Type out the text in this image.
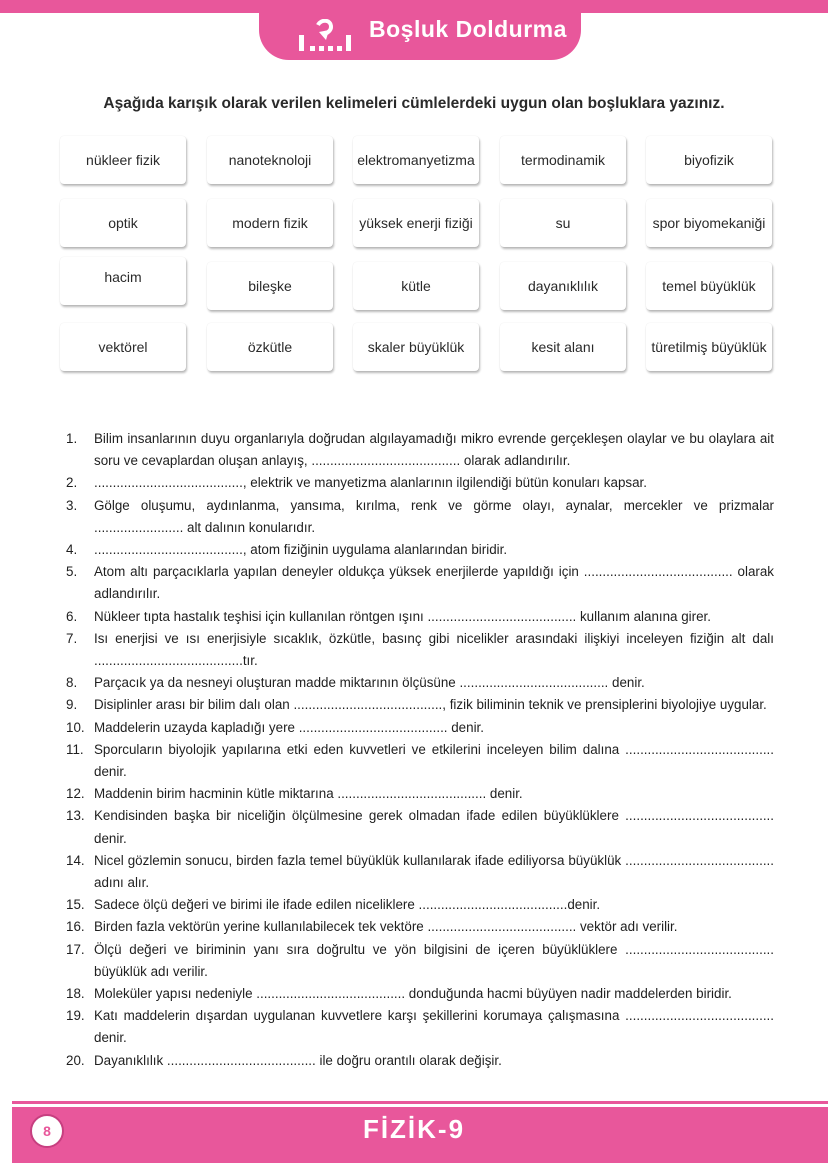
Boşluk Doldurma
Aşağıda karışık olarak verilen kelimeleri cümlelerdeki uygun olan boşluklara yazınız.
nükleer fizik	nanoteknoloji	elektromanyetizma	termodinamik	biyofizik
optik	modern fizik	yüksek enerji fiziği	su	spor biyomekaniği
hacim
bileşke	kütle	dayanıklılık	temel büyüklük
vektörel	özkütle	skaler büyüklük	kesit alanı	türetilmiş büyüklük
1. Bilim insanlarının duyu organlarıyla doğrudan algılayamadığı mikro evrende gerçekleşen olaylar ve bu olaylara ait soru ve cevaplardan oluşan anlayış, ........................................ olarak adlandırılır.
2. ........................................, elektrik ve manyetizma alanlarının ilgilendiği bütün konuları kapsar.
3. Gölge oluşumu, aydınlanma, yansıma, kırılma, renk ve görme olayı, aynalar, mercekler ve prizmalar ........................ alt dalının konularıdır.
4. ........................................, atom fiziğinin uygulama alanlarından biridir.
5. Atom altı parçacıklarla yapılan deneyler oldukça yüksek enerjilerde yapıldığı için ........................................ olarak adlandırılır.
6. Nükleer tıpta hastalık teşhisi için kullanılan röntgen ışını ........................................ kullanım alanına girer.
7. Isı enerjisi ve ısı enerjisiyle sıcaklık, özkütle, basınç gibi nicelikler arasındaki ilişkiyi inceleyen fiziğin alt dalı ........................................tır.
8. Parçacık ya da nesneyi oluşturan madde miktarının ölçüsüne ........................................ denir.
9. Disiplinler arası bir bilim dalı olan ........................................, fizik biliminin teknik ve prensiplerini biyolojiye uygular.
10. Maddelerin uzayda kapladığı yere ........................................ denir.
11. Sporcuların biyolojik yapılarına etki eden kuvvetleri ve etkilerini inceleyen bilim dalına ........................................ denir.
12. Maddenin birim hacminin kütle miktarına ........................................ denir.
13. Kendisinden başka bir niceliğin ölçülmesine gerek olmadan ifade edilen büyüklüklere ........................................ denir.
14. Nicel gözlemin sonucu, birden fazla temel büyüklük kullanılarak ifade ediliyorsa büyüklük ........................................ adını alır.
15. Sadece ölçü değeri ve birimi ile ifade edilen niceliklere ........................................denir.
16. Birden fazla vektörün yerine kullanılabilecek tek vektöre ........................................ vektör adı verilir.
17. Ölçü değeri ve biriminin yanı sıra doğrultu ve yön bilgisini de içeren büyüklüklere ........................................ büyüklük adı verilir.
18. Moleküler yapısı nedeniyle ........................................ donduğunda hacmi büyüyen nadir maddelerden biridir.
19. Katı maddelerin dışardan uygulanan kuvvetlere karşı şekillerini korumaya çalışmasına ........................................ denir.
20. Dayanıklılık ........................................ ile doğru orantılı olarak değişir.
8	FİZİK-9
